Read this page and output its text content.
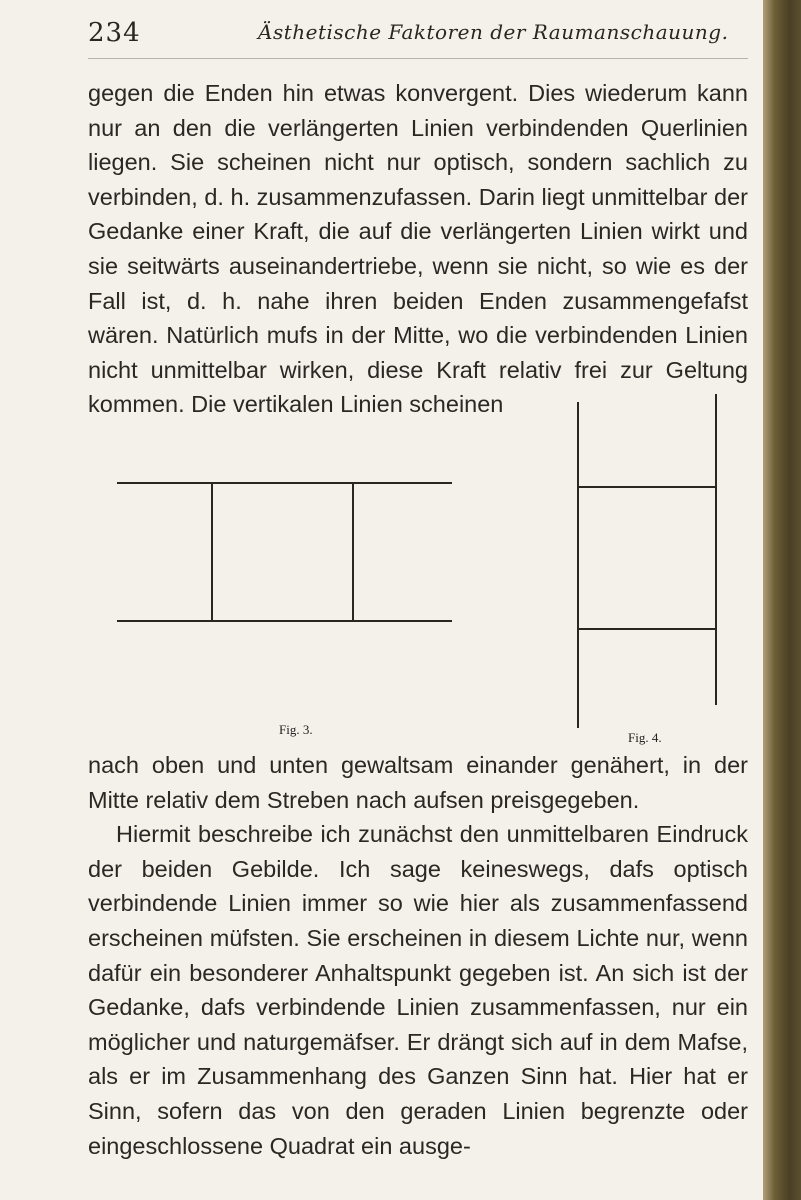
234	Ästhetische Faktoren der Raumanschauung.

gegen die Enden hin etwas konvergent. Dies wiederum kann nur an den die verlängerten Linien verbindenden Querlinien liegen. Sie scheinen nicht nur optisch, sondern sachlich zu verbinden, d. h. zusammenzufassen. Darin liegt unmittelbar der Gedanke einer Kraft, die auf die verlängerten Linien wirkt und sie seitwärts auseinandertriebe, wenn sie nicht, so wie es der Fall ist, d. h. nahe ihren beiden Enden zusammengefafst wären. Natürlich mufs in der Mitte, wo die verbindenden Linien nicht unmittelbar wirken, diese Kraft relativ frei zur Geltung kommen. Die vertikalen Linien scheinen

Fig. 3.
Fig. 4.
nach oben und unten gewaltsam einander genähert, in der Mitte relativ dem Streben nach aufsen preisgegeben.
Hiermit beschreibe ich zunächst den unmittelbaren Eindruck der beiden Gebilde. Ich sage keineswegs, dafs optisch verbindende Linien immer so wie hier als zusammenfassend erscheinen müfsten. Sie erscheinen in diesem Lichte nur, wenn dafür ein besonderer Anhaltspunkt gegeben ist. An sich ist der Gedanke, dafs verbindende Linien zusammenfassen, nur ein möglicher und naturgemäfser. Er drängt sich auf in dem Mafse, als er im Zusammenhang des Ganzen Sinn hat. Hier hat er Sinn, sofern das von den geraden Linien begrenzte oder eingeschlossene Quadrat ein ausge-
